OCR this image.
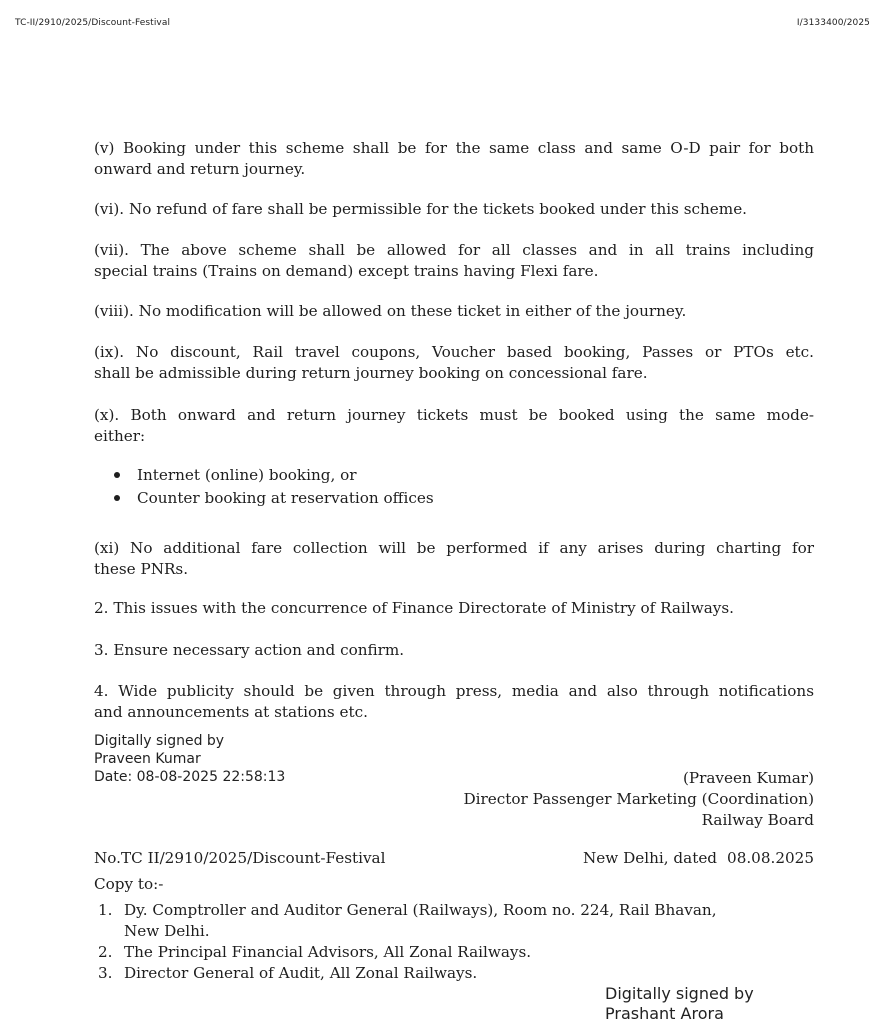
TC-II/2910/2025/Discount-Festival	I/3133400/2025
(v) Booking under this scheme shall be for the same class and same O-D pair for both
onward and return journey.
(vi). No refund of fare shall be permissible for the tickets booked under this scheme.
(vii). The above scheme shall be allowed for all classes and in all trains including
special trains (Trains on demand) except trains having Flexi fare.
(viii). No modification will be allowed on these ticket in either of the journey.
(ix). No discount, Rail travel coupons, Voucher based booking, Passes or PTOs etc.
shall be admissible during return journey booking on concessional fare.
(x). Both onward and return journey tickets must be booked using the same mode-
either:
Internet (online) booking, or
Counter booking at reservation offices
(xi) No additional fare collection will be performed if any arises during charting for
these PNRs.
2. This issues with the concurrence of Finance Directorate of Ministry of Railways.
3. Ensure necessary action and confirm.
4. Wide publicity should be given through press, media and also through notifications
and announcements at stations etc.
Digitally signed by
Praveen Kumar
Date: 08-08-2025 22:58:13	(Praveen Kumar)
Director Passenger Marketing (Coordination)
Railway Board
No.TC II/2910/2025/Discount-Festival	New Delhi, dated 08.08.2025
Copy to:-
1. Dy. Comptroller and Auditor General (Railways), Room no. 224, Rail Bhavan,
New Delhi.
2. The Principal Financial Advisors, All Zonal Railways.
3. Director General of Audit, All Zonal Railways.
Digitally signed by
Prashant Arora
